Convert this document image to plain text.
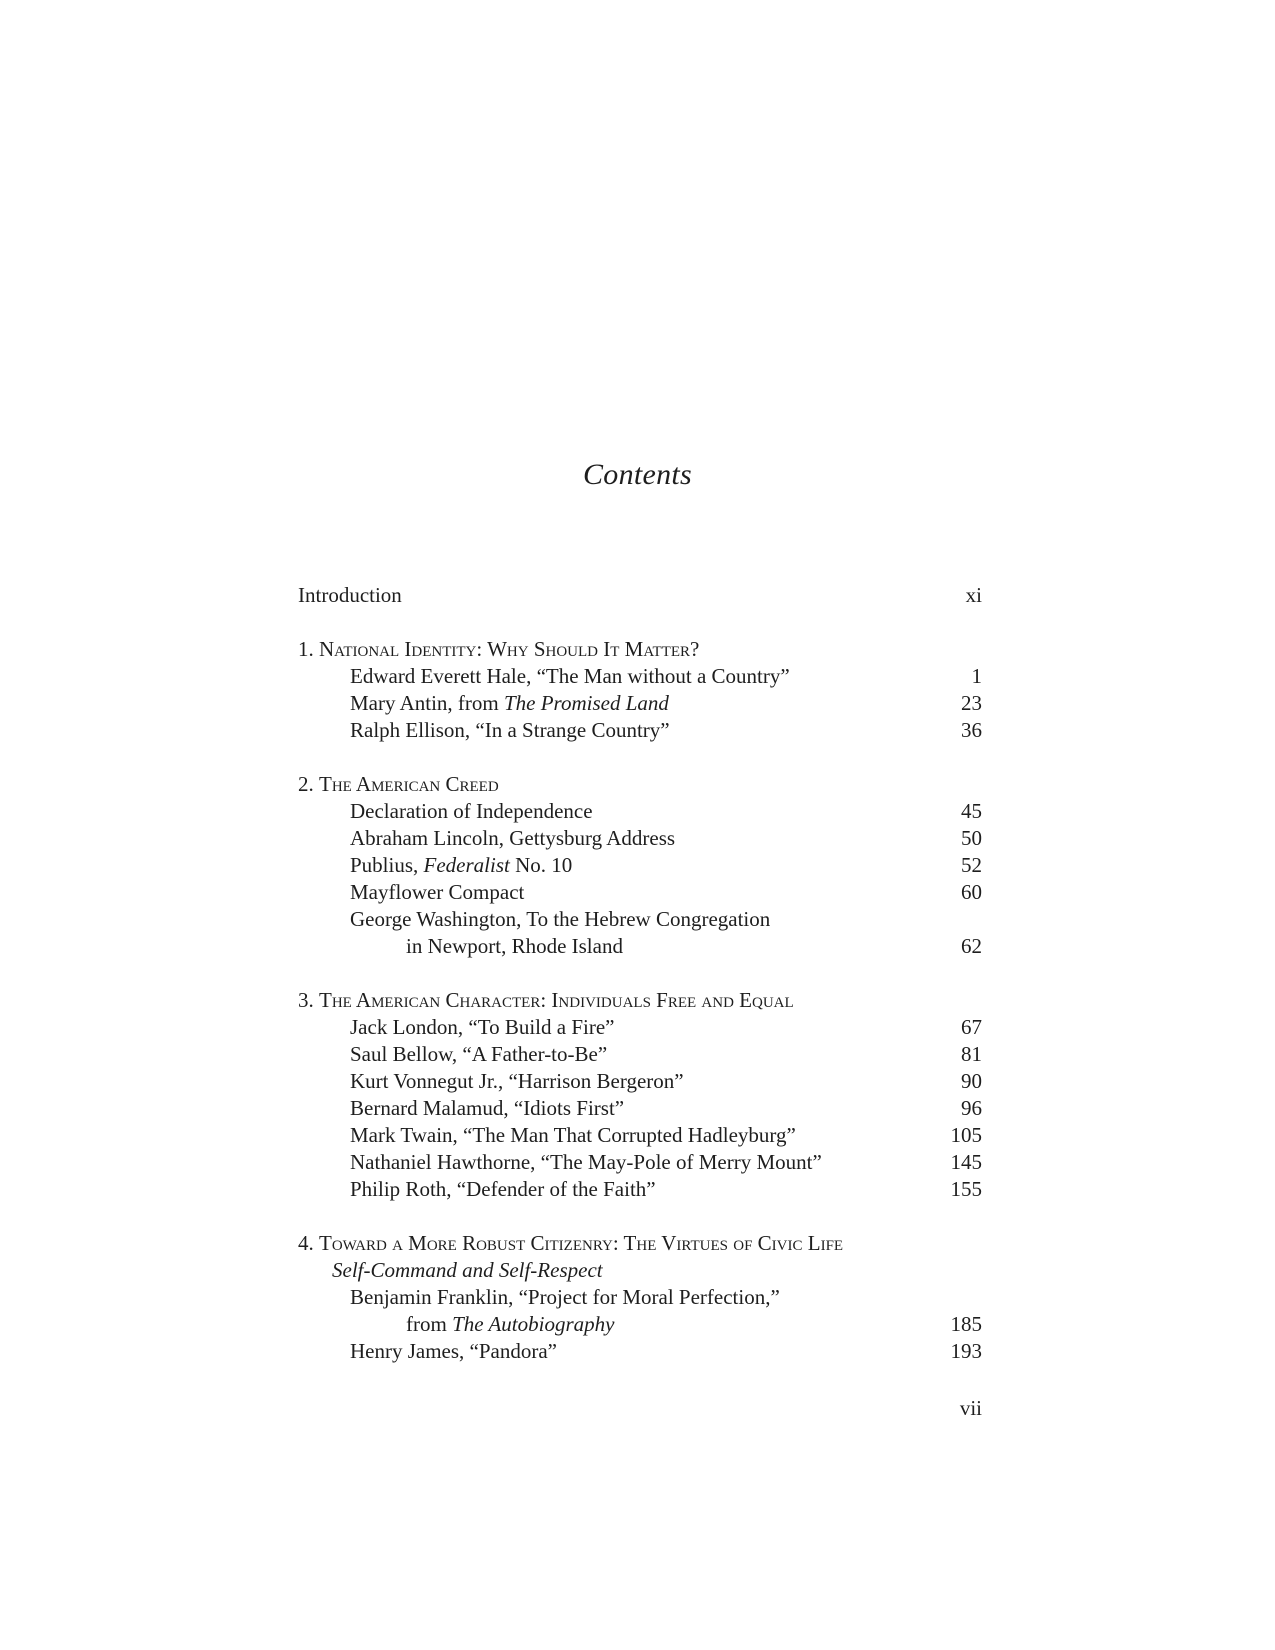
Contents
Introduction	xi
1. National Identity: Why Should It Matter?
Edward Everett Hale, “The Man without a Country”	1
Mary Antin, from The Promised Land	23
Ralph Ellison, “In a Strange Country”	36
2. The American Creed
Declaration of Independence	45
Abraham Lincoln, Gettysburg Address	50
Publius, Federalist No. 10	52
Mayflower Compact	60
George Washington, To the Hebrew Congregation
in Newport, Rhode Island	62
3. The American Character: Individuals Free and Equal
Jack London, “To Build a Fire”	67
Saul Bellow, “A Father-to-Be”	81
Kurt Vonnegut Jr., “Harrison Bergeron”	90
Bernard Malamud, “Idiots First”	96
Mark Twain, “The Man That Corrupted Hadleyburg”	105
Nathaniel Hawthorne, “The May-Pole of Merry Mount”	145
Philip Roth, “Defender of the Faith”	155
4. Toward a More Robust Citizenry: The Virtues of Civic Life
Self-Command and Self-Respect
Benjamin Franklin, “Project for Moral Perfection,”
from The Autobiography	185
Henry James, “Pandora”	193
vii
